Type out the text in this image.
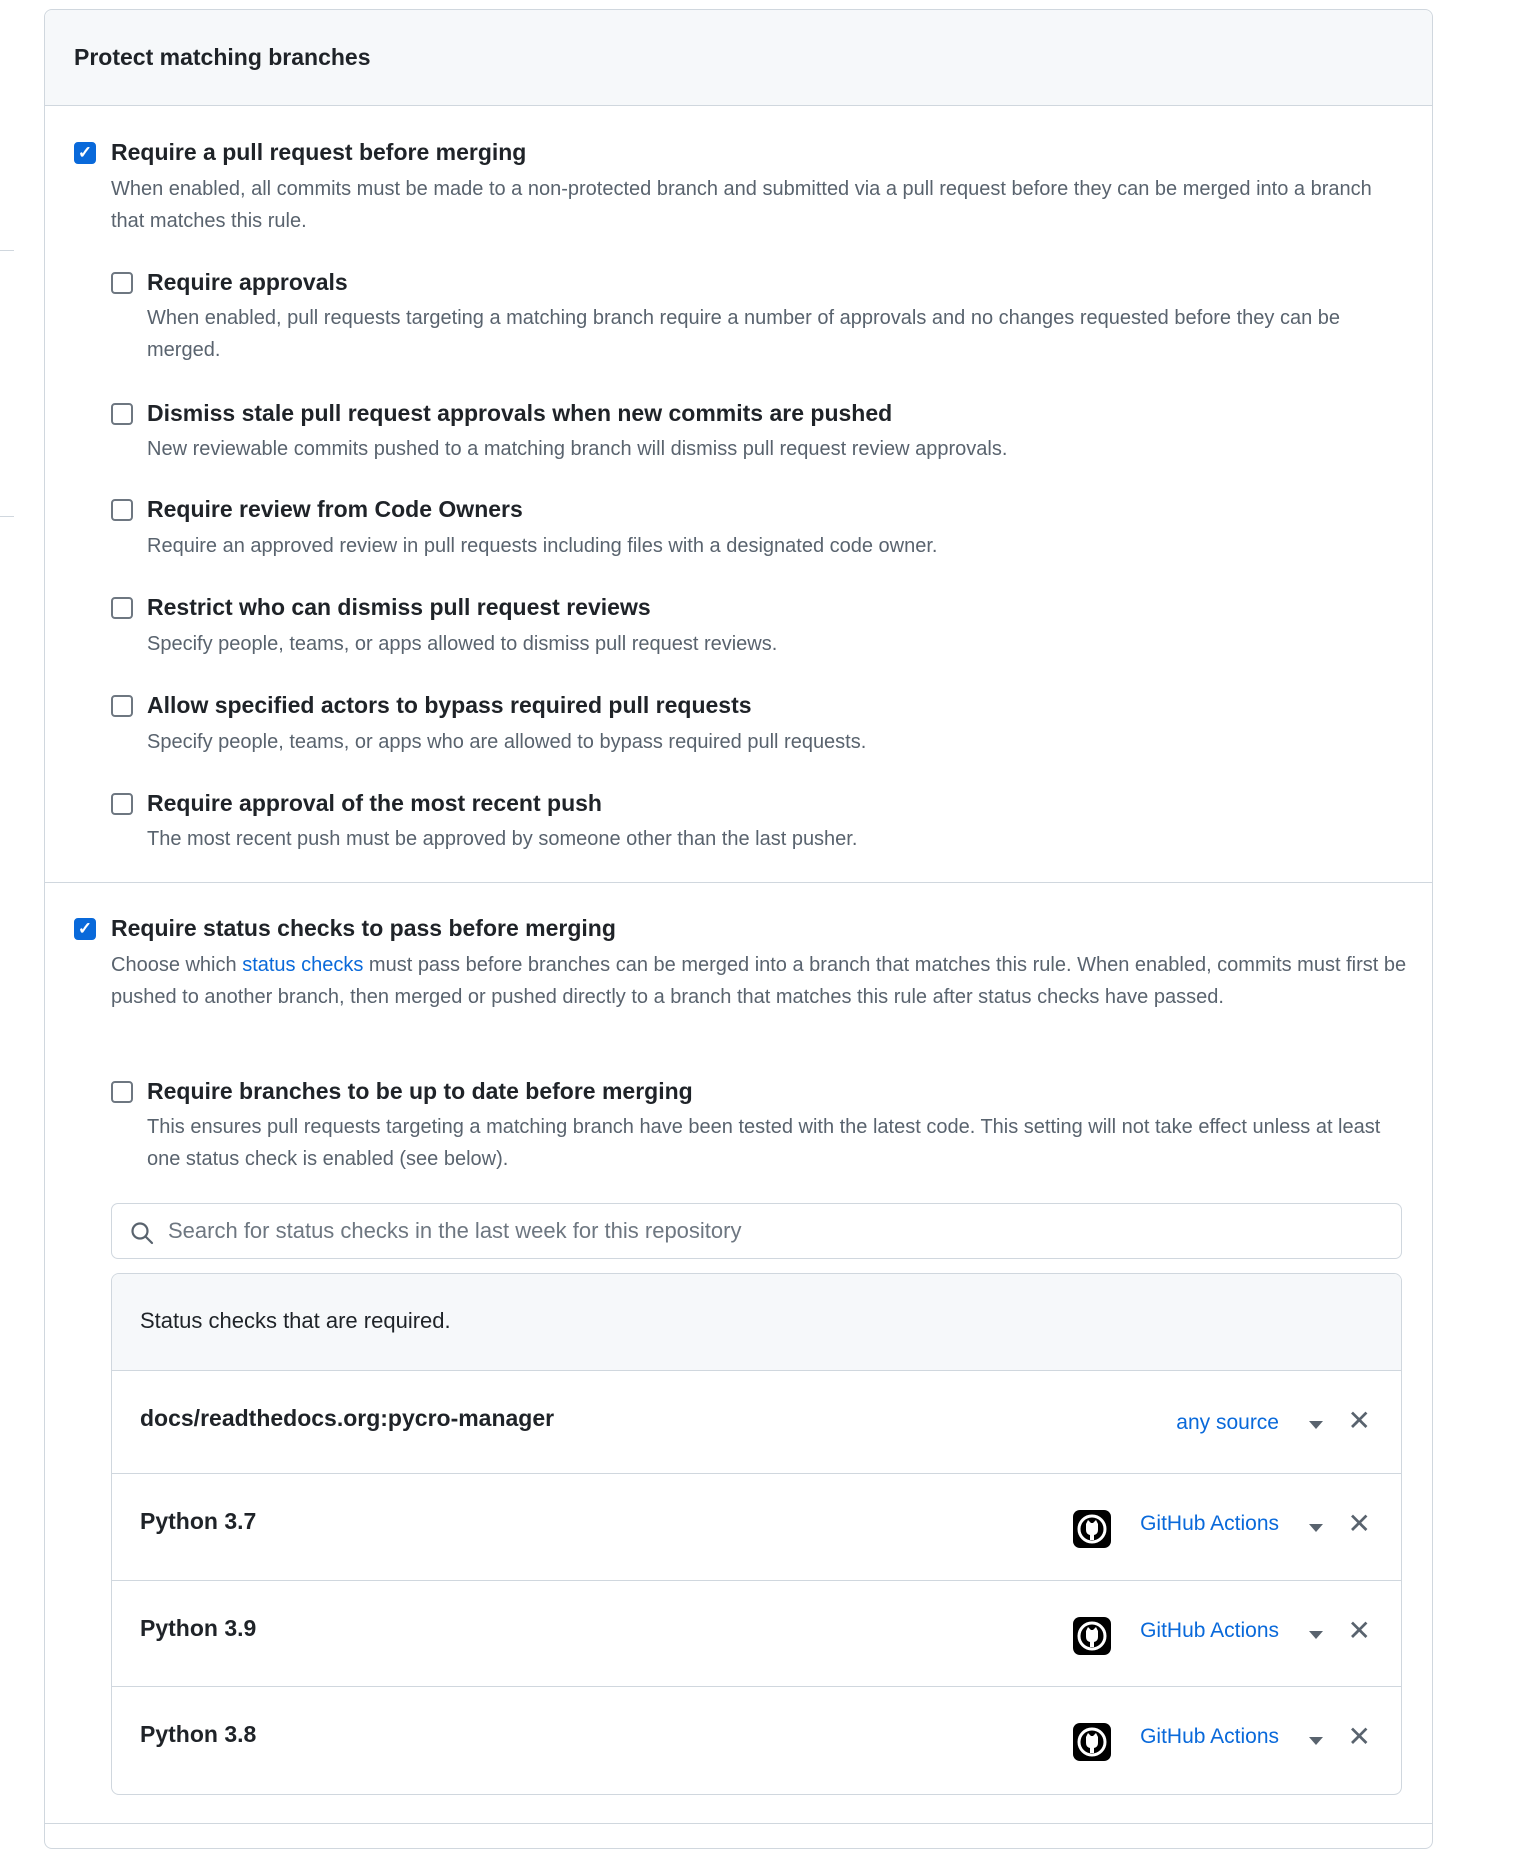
Protect matching branches
✓ Require a pull request before merging
When enabled, all commits must be made to a non-protected branch and submitted via a pull request before they can be merged into a branch that matches this rule.
Require approvals
When enabled, pull requests targeting a matching branch require a number of approvals and no changes requested before they can be merged.
Dismiss stale pull request approvals when new commits are pushed
New reviewable commits pushed to a matching branch will dismiss pull request review approvals.
Require review from Code Owners
Require an approved review in pull requests including files with a designated code owner.
Restrict who can dismiss pull request reviews
Specify people, teams, or apps allowed to dismiss pull request reviews.
Allow specified actors to bypass required pull requests
Specify people, teams, or apps who are allowed to bypass required pull requests.
Require approval of the most recent push
The most recent push must be approved by someone other than the last pusher.
✓ Require status checks to pass before merging
Choose which status checks must pass before branches can be merged into a branch that matches this rule. When enabled, commits must first be pushed to another branch, then merged or pushed directly to a branch that matches this rule after status checks have passed.
Require branches to be up to date before merging
This ensures pull requests targeting a matching branch have been tested with the latest code. This setting will not take effect unless at least one status check is enabled (see below).
Search for status checks in the last week for this repository
Status checks that are required.
docs/readthedocs.org:pycro-manager	any source ✕
Python 3.7	GitHub Actions ✕
Python 3.9	GitHub Actions ✕
Python 3.8	GitHub Actions ✕
